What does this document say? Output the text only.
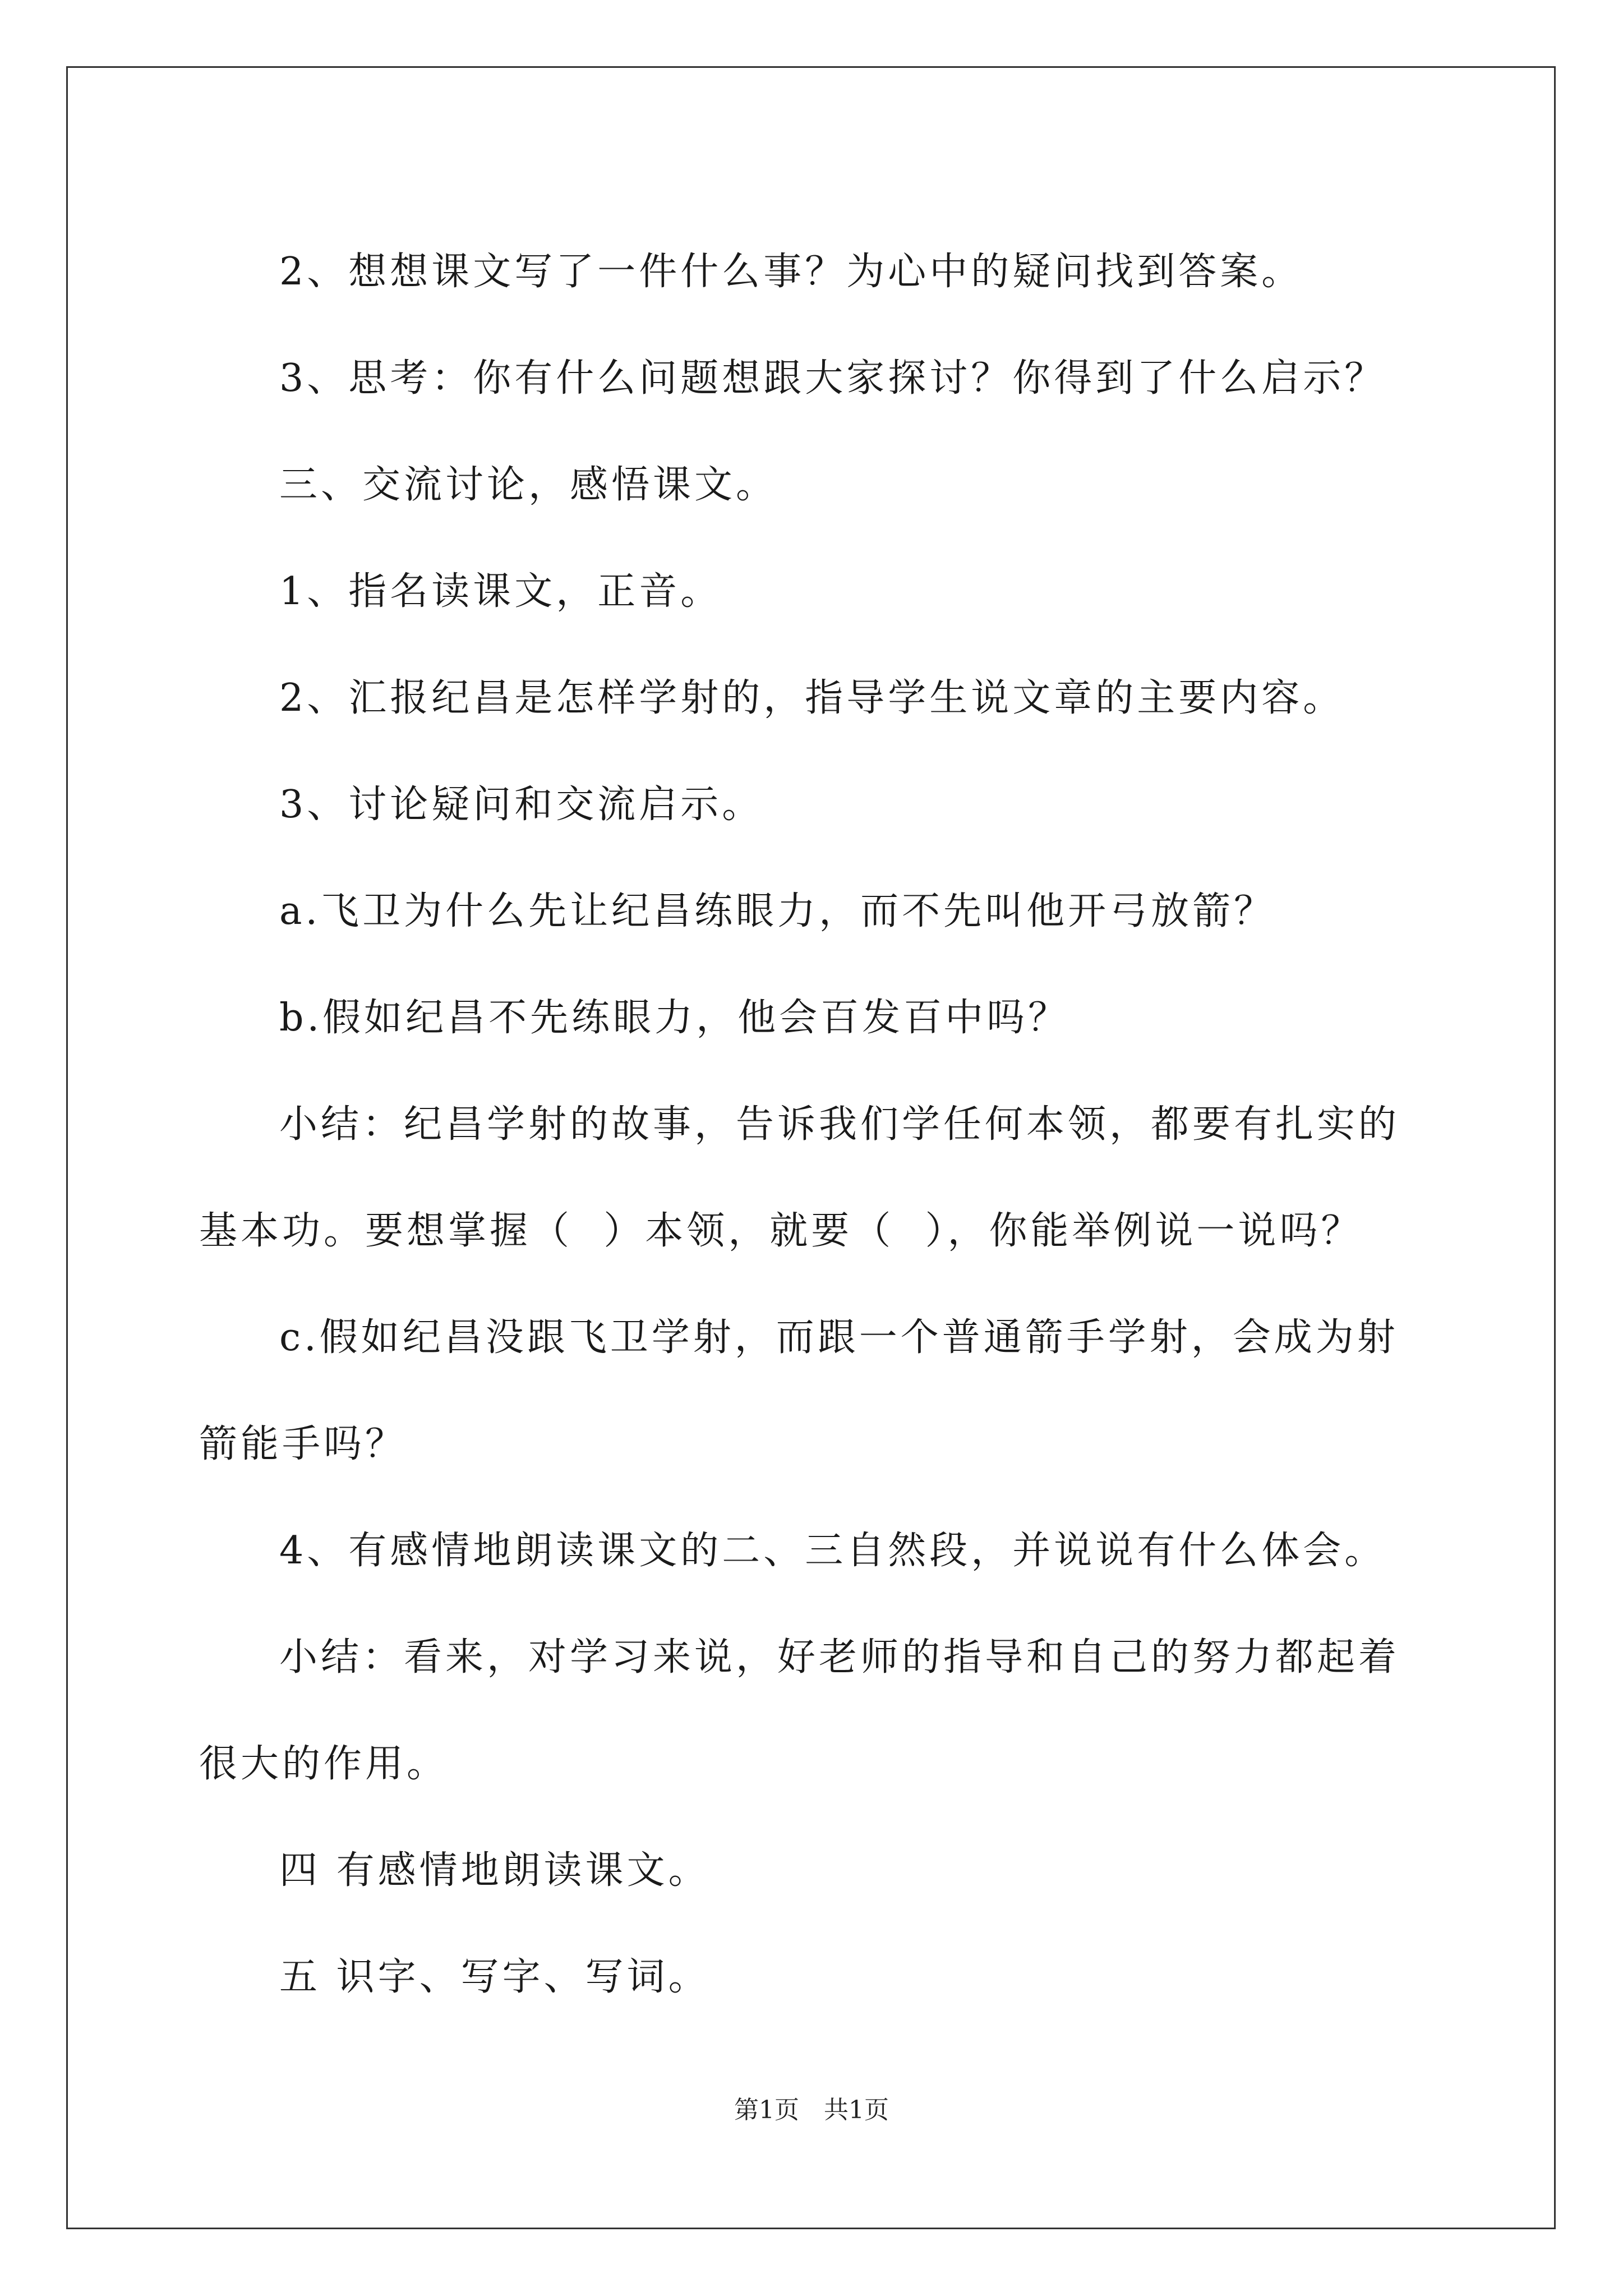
2、想想课文写了一件什么事？为心中的疑问找到答案。

3、思考：你有什么问题想跟大家探讨？你得到了什么启示？

三、交流讨论，感悟课文。

1、指名读课文，正音。

2、汇报纪昌是怎样学射的，指导学生说文章的主要内容。

3、讨论疑问和交流启示。

a.飞卫为什么先让纪昌练眼力，而不先叫他开弓放箭？

b.假如纪昌不先练眼力，他会百发百中吗？

小结：纪昌学射的故事，告诉我们学任何本领，都要有扎实的基本功。要想掌握（  ）本领，就要（  ），你能举例说一说吗？

c.假如纪昌没跟飞卫学射，而跟一个普通箭手学射，会成为射箭能手吗？

4、有感情地朗读课文的二、三自然段，并说说有什么体会。

小结：看来，对学习来说，好老师的指导和自己的努力都起着很大的作用。

四 有感情地朗读课文。

五 识字、写字、写词。

第1页 共1页
